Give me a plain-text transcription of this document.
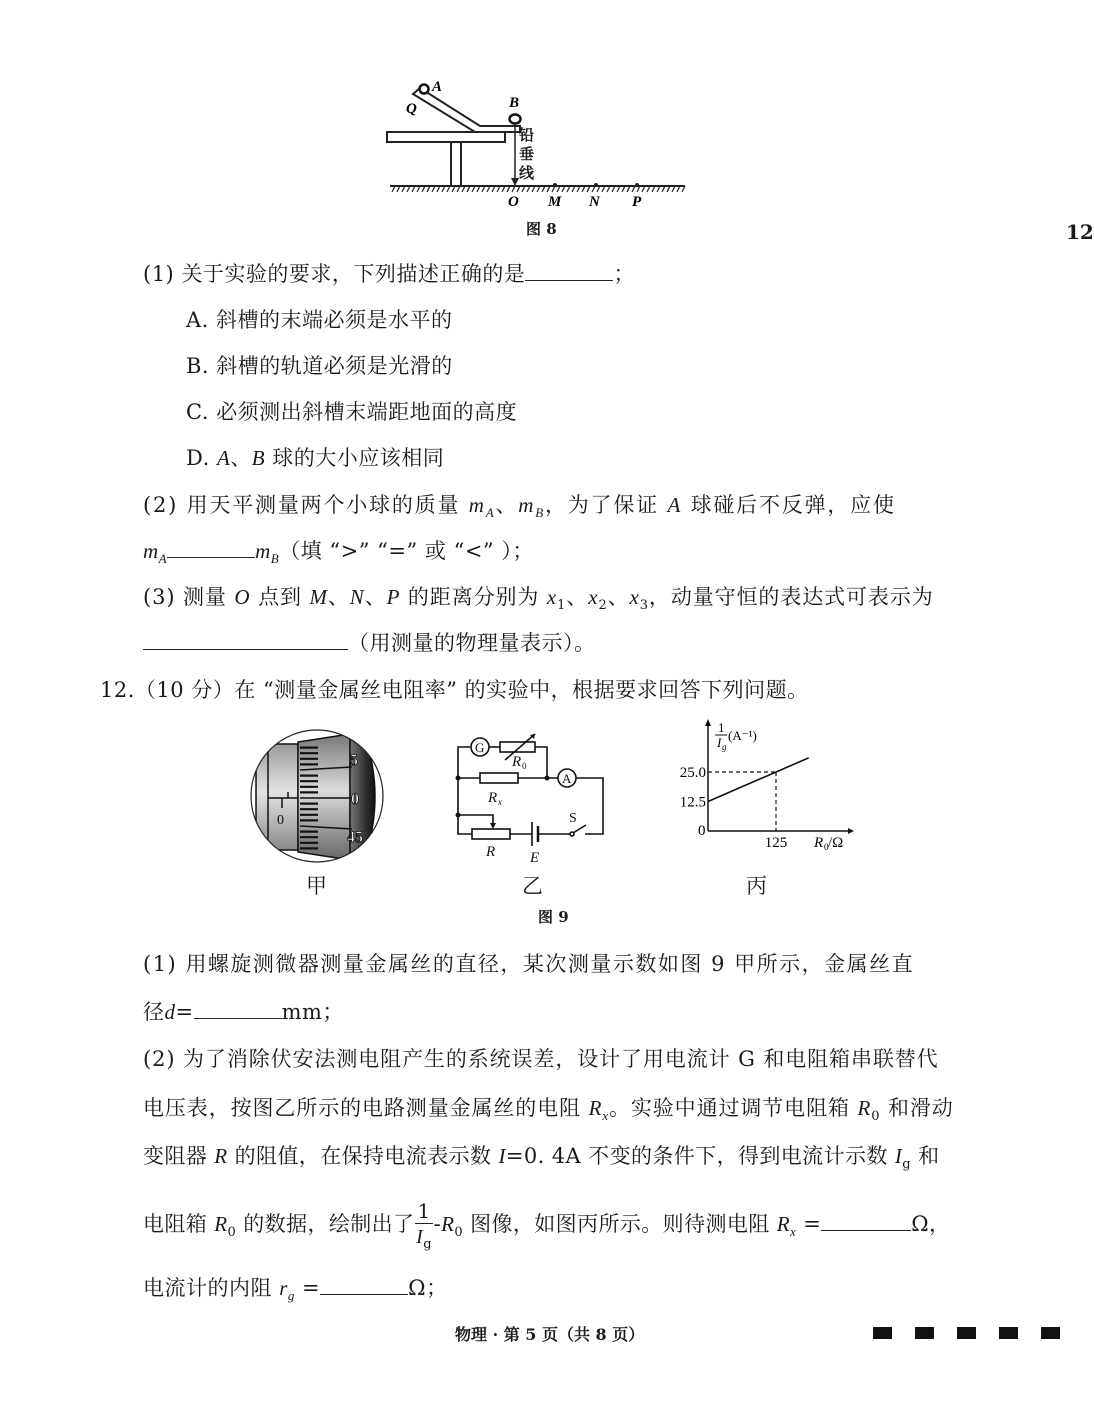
A
Q	B
O M N P
铅垂线
图 8	12
(1) 关于实验的要求，下列描述正确的是	；
A. 斜槽的末端必须是水平的
B. 斜槽的轨道必须是光滑的
C. 必须测出斜槽末端距地面的高度
D. A、B 球的大小应该相同
(2) 用天平测量两个小球的质量 $m_A$、$m_B$，为了保证 A 球碰后不反弹，应使
$m_A$	$m_B$（填 “>” “=” 或 “<” ）；
(3) 测量 O 点到 M、N、P 的距离分别为 $x_1$、$x_2$、$x_3$，动量守恒的表达式可表示为
（用测量的物理量表示）。
12.（10 分）在 “测量金属丝电阻率” 的实验中，根据要求回答下列问题。
0
5
0
45
甲
G
A
R 0
R x
R E
S
乙
图 9
12.5
25.0
125
1
I g
(A⁻¹)
0
R 0 /Ω
丙
(1) 用螺旋测微器测量金属丝的直径，某次测量示数如图 9 甲所示，金属丝直
径d=	mm；
(2) 为了消除伏安法测电阻产生的系统误差，设计了用电流计 G 和电阻箱串联替代
电压表，按图乙所示的电路测量金属丝的电阻 $R_x$。实验中通过调节电阻箱 $R_0$ 和滑动
变阻器 R 的阻值，在保持电流表示数 I=0. 4A 不变的条件下，得到电流计示数 $I_g$ 和
电阻箱 $R_0$ 的数据，绘制出了 $\frac{1}{I_g} -R_0$ 图像，如图丙所示。则待测电阻 $R_x$ =	Ω，
电流计的内阻 $r_g$ =	Ω；
物理 · 第 5 页（共 8 页）
